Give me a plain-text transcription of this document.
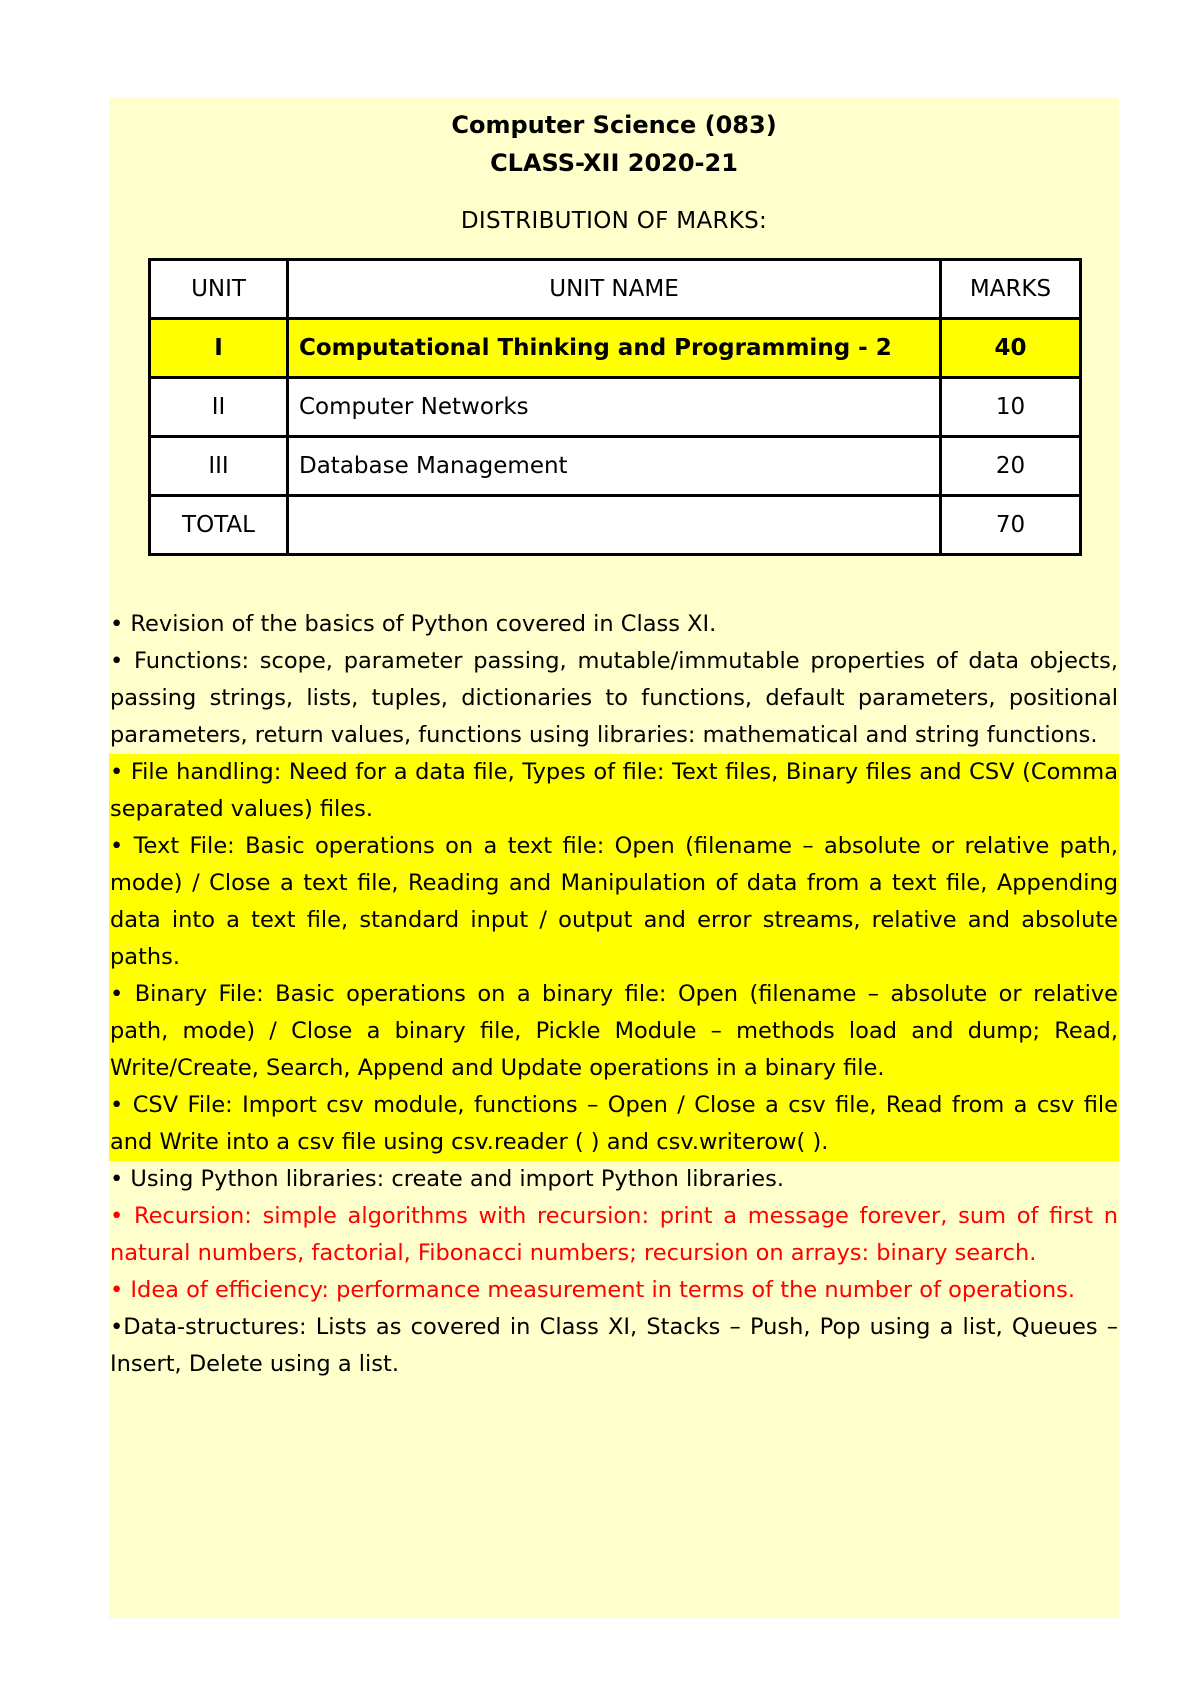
Computer Science (083)
CLASS-XII 2020-21
DISTRIBUTION OF MARKS:
UNIT	UNIT NAME	MARKS
I	Computational Thinking and Programming - 2	40
II	Computer Networks	10
III	Database Management	20
TOTAL		70
• Revision of the basics of Python covered in Class XI.
• Functions: scope, parameter passing, mutable/immutable properties of data objects, passing strings, lists, tuples, dictionaries to functions, default parameters, positional parameters, return values, functions using libraries: mathematical and string functions.
• File handling: Need for a data file, Types of file: Text files, Binary files and CSV (Comma separated values) files.
• Text File: Basic operations on a text file: Open (filename – absolute or relative path, mode) / Close a text file, Reading and Manipulation of data from a text file, Appending data into a text file, standard input / output and error streams, relative and absolute paths.
• Binary File: Basic operations on a binary file: Open (filename – absolute or relative path, mode) / Close a binary file, Pickle Module – methods load and dump; Read, Write/Create, Search, Append and Update operations in a binary file.
• CSV File: Import csv module, functions – Open / Close a csv file, Read from a csv file and Write into a csv file using csv.reader ( ) and csv.writerow( ).
• Using Python libraries: create and import Python libraries.
• Recursion: simple algorithms with recursion: print a message forever, sum of first n natural numbers, factorial, Fibonacci numbers; recursion on arrays: binary search.
• Idea of efficiency: performance measurement in terms of the number of operations.
•Data-structures: Lists as covered in Class XI, Stacks – Push, Pop using a list, Queues – Insert, Delete using a list.
